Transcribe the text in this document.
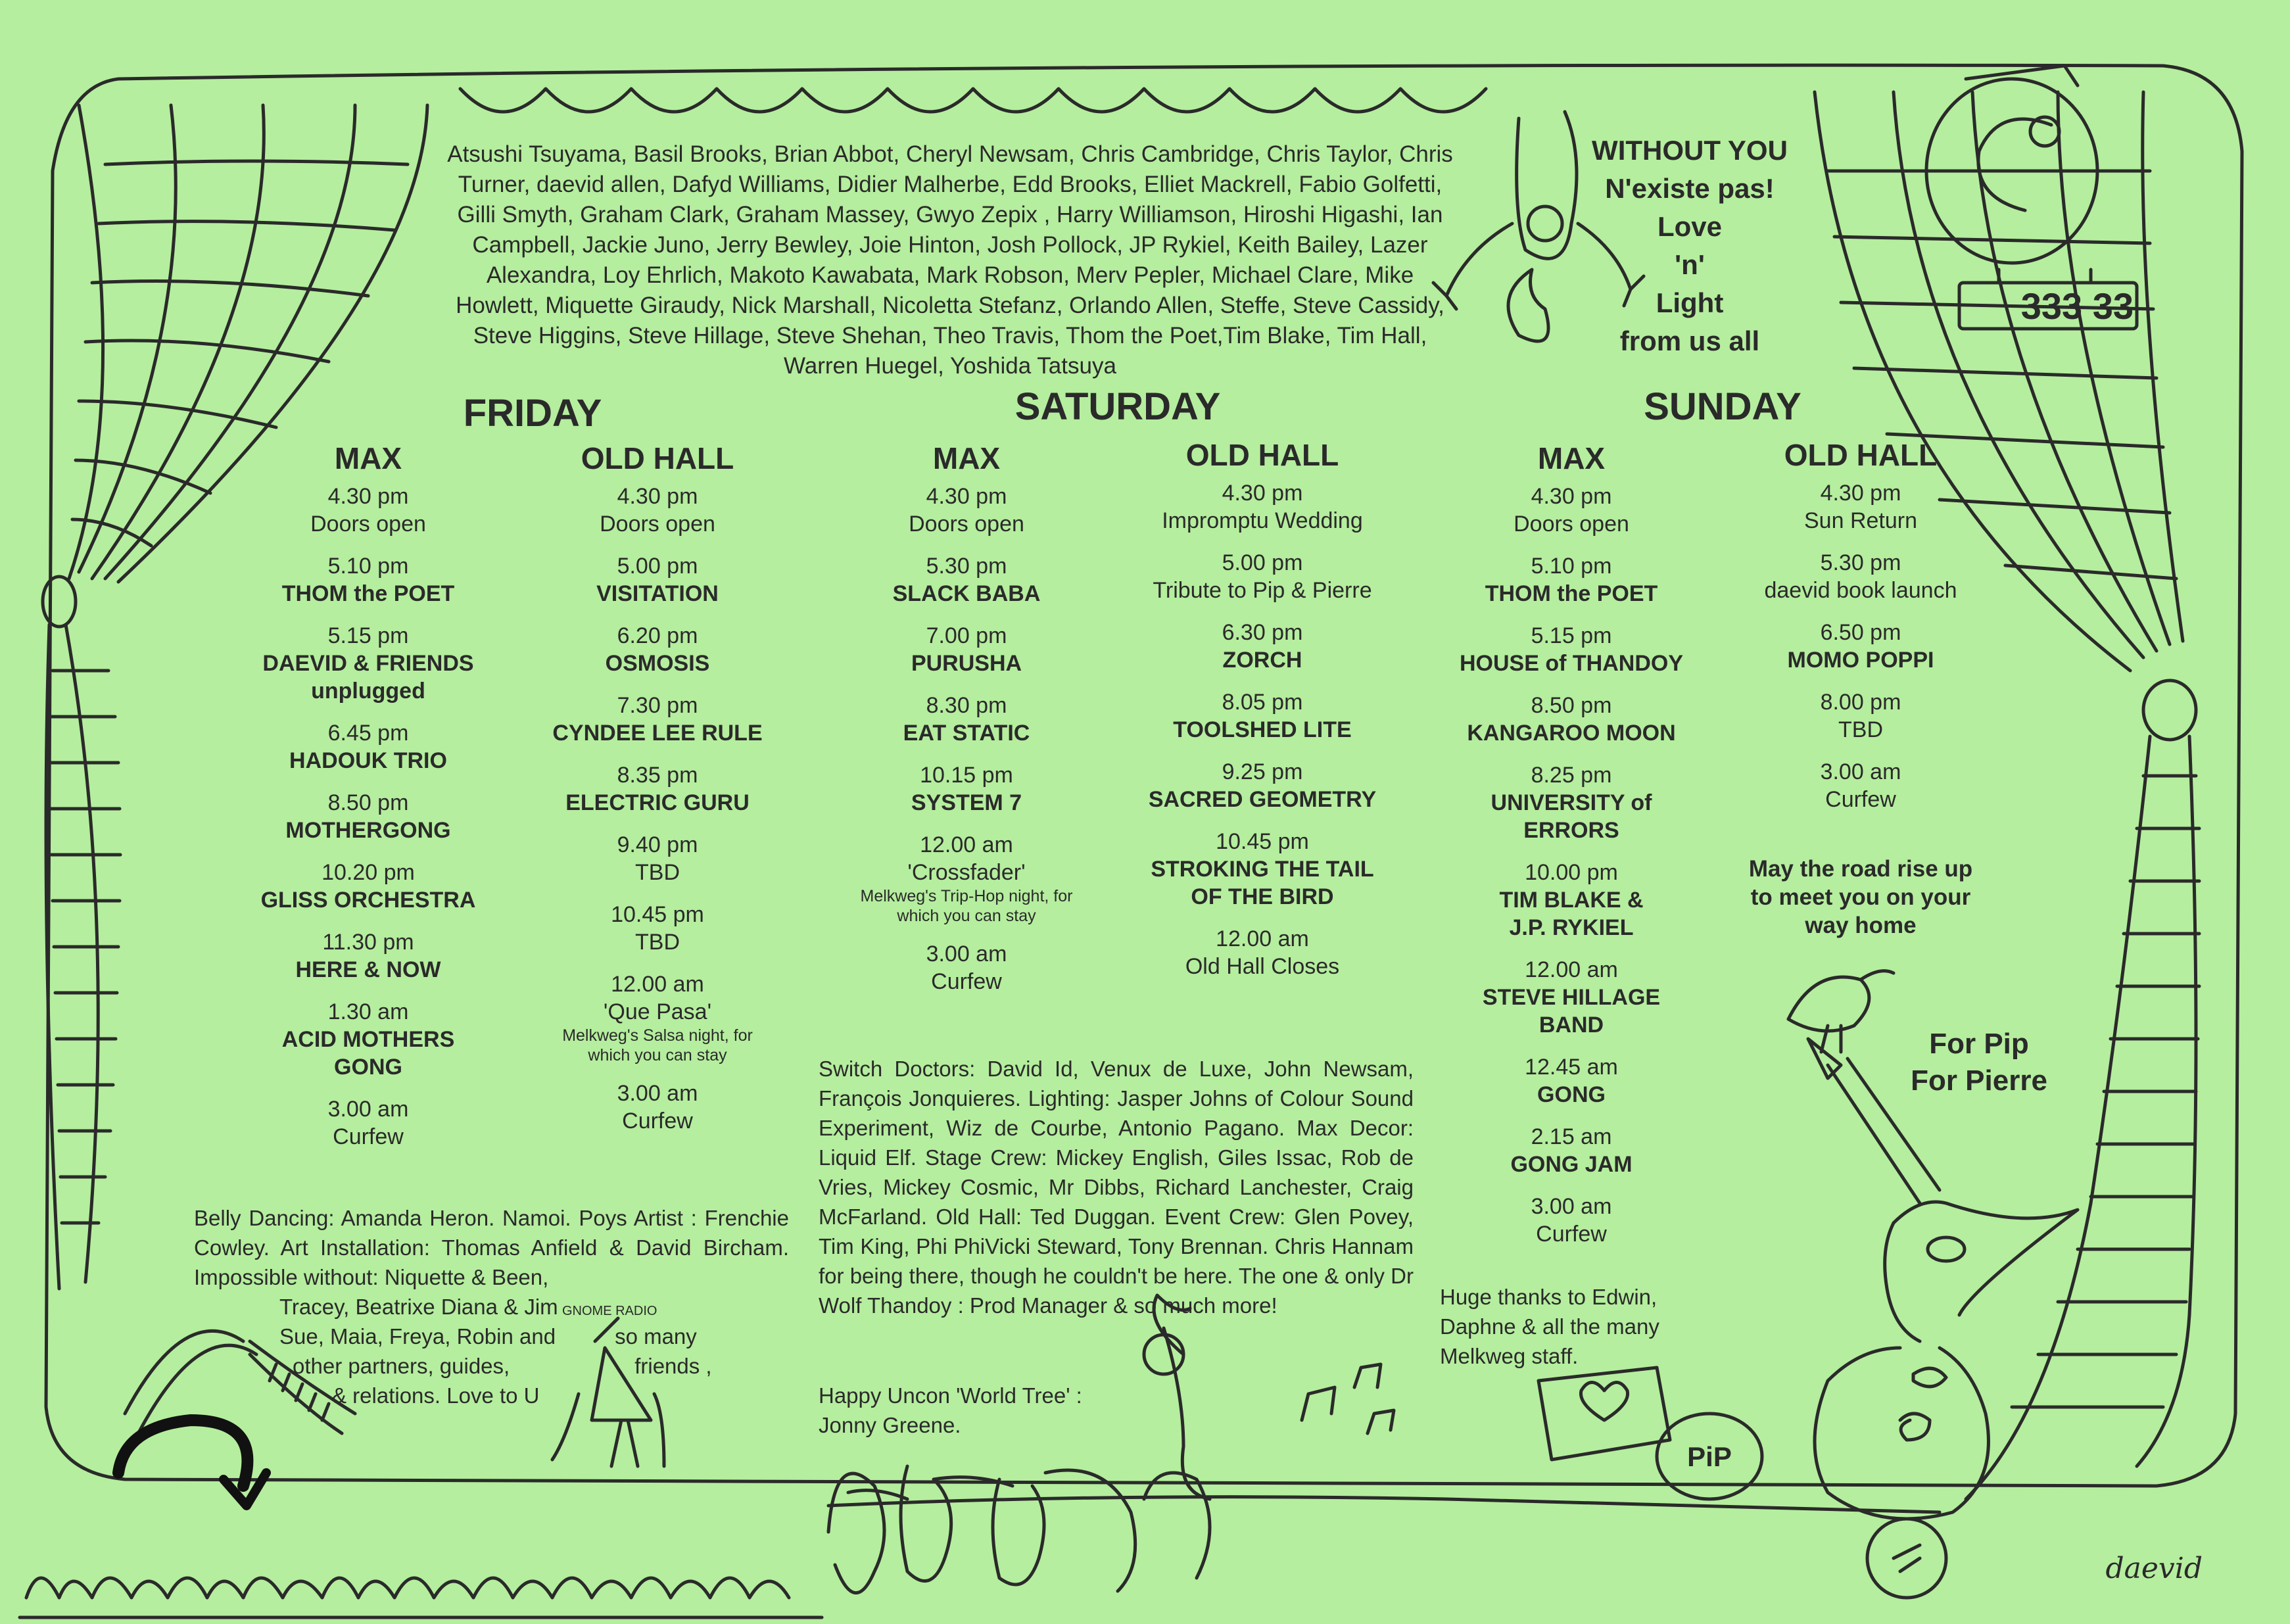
333 33
PiP
GNOME RADIO
daevid
Atsushi Tsuyama, Basil Brooks, Brian Abbot, Cheryl Newsam, Chris Cambridge, Chris Taylor, Chris Turner, daevid allen, Dafyd Williams, Didier Malherbe, Edd Brooks, Elliet Mackrell, Fabio Golfetti, Gilli Smyth, Graham Clark, Graham Massey, Gwyo Zepix , Harry Williamson, Hiroshi Higashi, Ian Campbell, Jackie Juno, Jerry Bewley, Joie Hinton, Josh Pollock, JP Rykiel, Keith Bailey, Lazer Alexandra, Loy Ehrlich, Makoto Kawabata, Mark Robson, Merv Pepler, Michael Clare, Mike Howlett, Miquette Giraudy, Nick Marshall, Nicoletta Stefanz, Orlando Allen, Steffe, Steve Cassidy, Steve Higgins, Steve Hillage, Steve Shehan, Theo Travis, Thom the Poet,Tim Blake, Tim Hall, Warren Huegel, Yoshida Tatsuya
WITHOUT YOU
N'existe pas!
Love
'n'
Light
from us all
FRIDAY	SATURDAY	SUNDAY
MAX
4.30 pm
Doors open
5.10 pm
THOM the POET
5.15 pm
DAEVID & FRIENDS
unplugged
6.45 pm
HADOUK TRIO
8.50 pm
MOTHERGONG
10.20 pm
GLISS ORCHESTRA
11.30 pm
HERE & NOW
1.30 am
ACID MOTHERS
GONG
3.00 am
Curfew
OLD HALL
4.30 pm
Doors open
5.00 pm
VISITATION
6.20 pm
OSMOSIS
7.30 pm
CYNDEE LEE RULE
8.35 pm
ELECTRIC GURU
9.40 pm
TBD
10.45 pm
TBD
12.00 am
'Que Pasa'
Melkweg's Salsa night, for
which you can stay
3.00 am
Curfew
MAX
4.30 pm
Doors open
5.30 pm
SLACK BABA
7.00 pm
PURUSHA
8.30 pm
EAT STATIC
10.15 pm
SYSTEM 7
12.00 am
'Crossfader'
Melkweg's Trip-Hop night, for
which you can stay
3.00 am
Curfew
OLD HALL
4.30 pm
Impromptu Wedding
5.00 pm
Tribute to Pip & Pierre
6.30 pm
ZORCH
8.05 pm
TOOLSHED LITE
9.25 pm
SACRED GEOMETRY
10.45 pm
STROKING THE TAIL
OF THE BIRD
12.00 am
Old Hall Closes
MAX
4.30 pm
Doors open
5.10 pm
THOM the POET
5.15 pm
HOUSE of THANDOY
8.50 pm
KANGAROO MOON
8.25 pm
UNIVERSITY of
ERRORS
10.00 pm
TIM BLAKE &
J.P. RYKIEL
12.00 am
STEVE HILLAGE
BAND
12.45 am
GONG
2.15 am
GONG JAM
3.00 am
Curfew
OLD HALL
4.30 pm
Sun Return
5.30 pm
daevid book launch
6.50 pm
MOMO POPPI
8.00 pm
TBD
3.00 am
Curfew
May the road rise up
to meet you on your
way home
For Pip
For Pierre
Belly Dancing: Amanda Heron. Namoi. Poys Artist : Frenchie Cowley. Art Installation: Thomas Anfield & David Bircham. Impossible without: Niquette & Been,
Tracey, Beatrixe Diana & Jim
Sue, Maia, Freya, Robin and	so many
other partners, guides,	friends ,
& relations. Love to U
Switch Doctors: David Id, Venux de Luxe, John Newsam, François Jonquieres. Lighting: Jasper Johns of Colour Sound Experiment, Wiz de Courbe, Antonio Pagano. Max Decor: Liquid Elf. Stage Crew: Mickey English, Giles Issac, Rob de Vries, Mickey Cosmic, Mr Dibbs, Richard Lanchester, Craig McFarland. Old Hall: Ted Duggan. Event Crew: Glen Povey, Tim King, Phi PhiVicki Steward, Tony Brennan. Chris Hannam for being there, though he couldn't be here. The one & only Dr Wolf Thandoy : Prod Manager & so much more!
Happy Uncon 'World Tree' :
Jonny Greene.
Huge thanks to Edwin,
Daphne & all the many
Melkweg staff.
